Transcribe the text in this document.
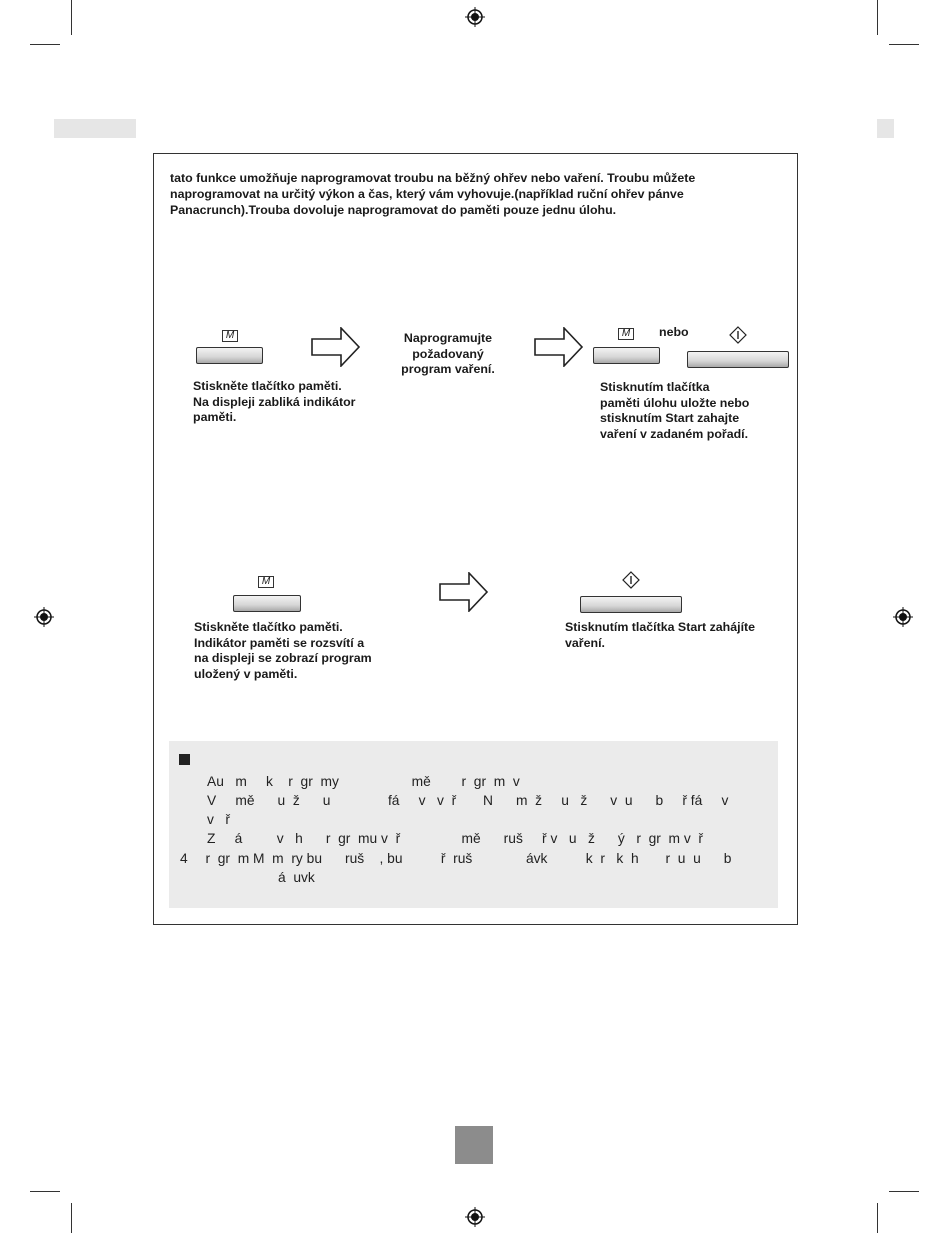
tato funkce umožňuje naprogramovat troubu na běžný ohřev nebo vaření. Troubu můžete naprogramovat na určitý výkon a čas, který vám vyhovuje.(například ruční ohřev pánve Panacrunch).Trouba dovoluje naprogramovat do paměti pouze jednu úlohu.
M
Stiskněte tlačítko paměti.
Na displeji zabliká indikátor
paměti.
Naprogramujte
požadovaný
program vaření.
M	nebo
Stisknutím tlačítka
paměti úlohu uložte nebo
stisknutím Start zahajte
vaření v zadaném pořadí.
M
Stiskněte tlačítko paměti.
Indikátor paměti se rozsvítí a
na displeji se zobrazí program
uložený v paměti.
Stisknutím tlačítka Start zahájíte
vaření.
Au   m     k    r  gr  my                   mě        r  gr  m  v
V     mě      u  ž      u               fá     v   v  ř       N      m  ž     u   ž      v  u      b     ř fá     v
v   ř
Z     á         v   h      r  gr  mu v  ř                mě      ruš     ř v   u   ž      ý   r  gr  m v  ř
4 r  gr  m M  m  ry bu      ruš    , bu          ř  ruš              ávk          k  r   k  h       r  u  u      b
á  uvk
